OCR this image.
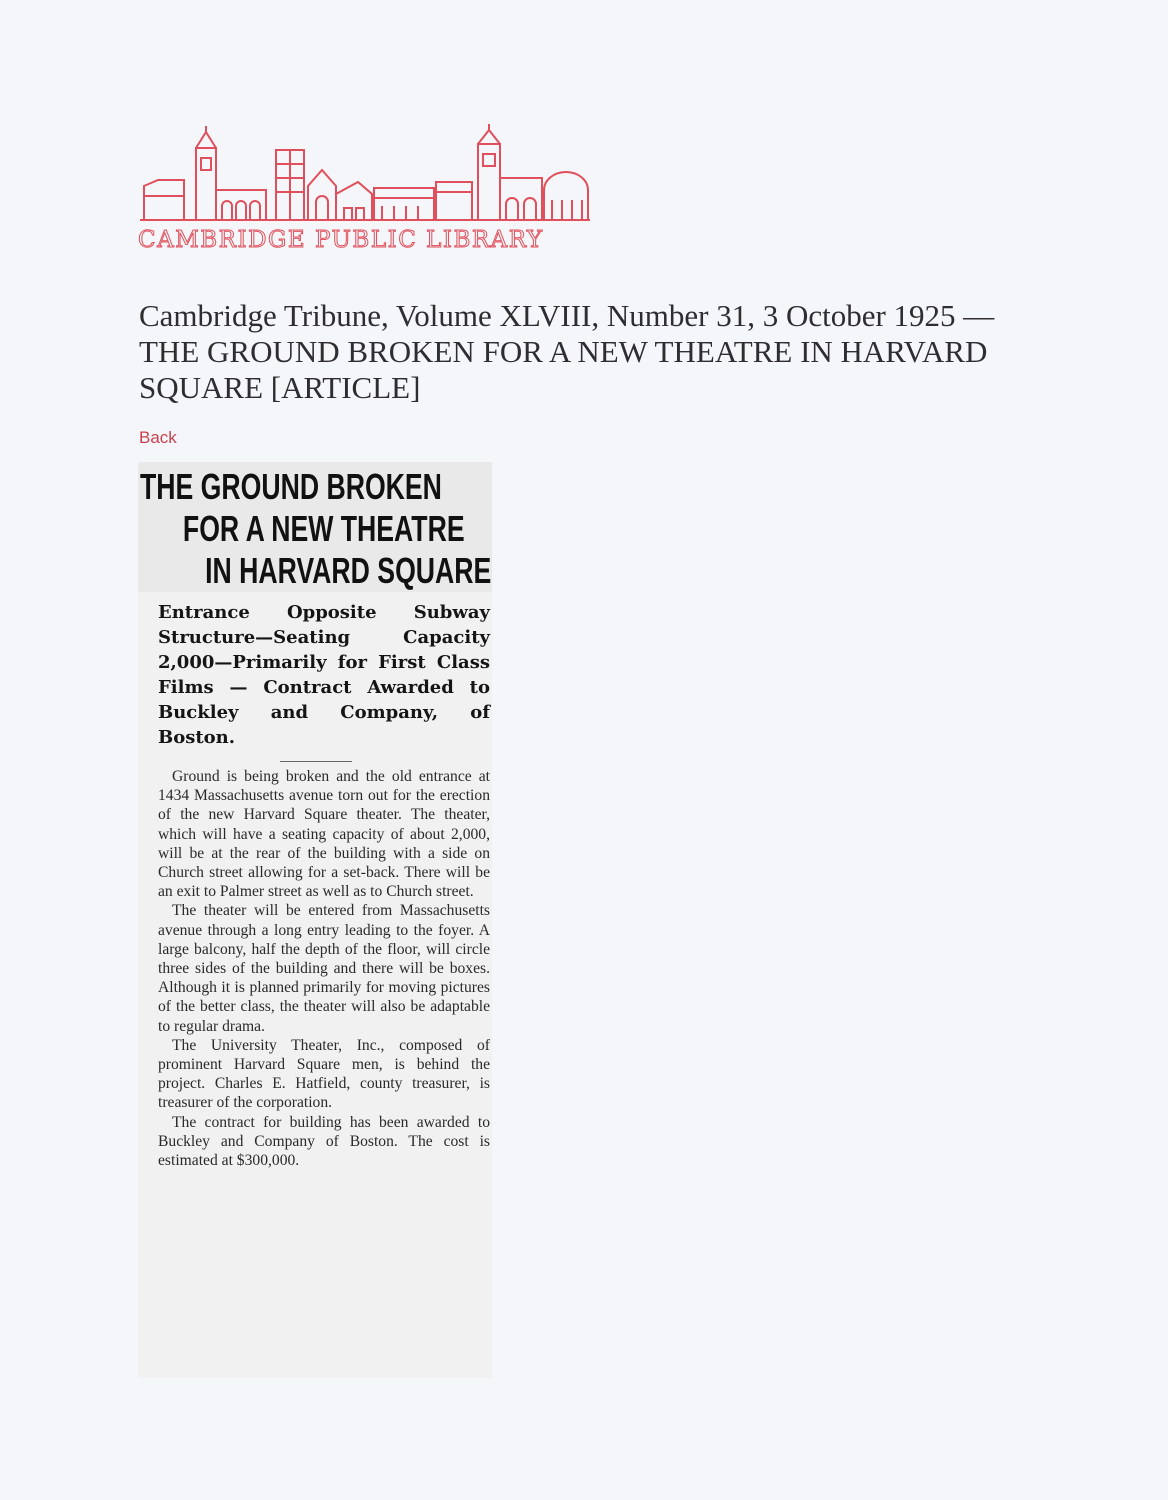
CAMBRIDGE PUBLIC LIBRARY
Cambridge Tribune, Volume XLVIII, Number 31, 3 October 1925 — THE GROUND BROKEN FOR A NEW THEATRE IN HARVARD SQUARE [ARTICLE]
Back
THE GROUND BROKEN
FOR A NEW THEATRE
IN HARVARD SQUARE

Entrance Opposite Subway Structure—Seating Capacity 2,000—Primarily for First Class Films — Contract Awarded to Buckley and Company, of Boston.

Ground is being broken and the old entrance at 1434 Massachusetts avenue torn out for the erection of the new Harvard Square theater. The theater, which will have a seating capacity of about 2,000, will be at the rear of the building with a side on Church street allowing for a set-back. There will be an exit to Palmer street as well as to Church street.

The theater will be entered from Massachusetts avenue through a long entry leading to the foyer. A large balcony, half the depth of the floor, will circle three sides of the building and there will be boxes. Although it is planned primarily for moving pictures of the better class, the theater will also be adaptable to regular drama.

The University Theater, Inc., composed of prominent Harvard Square men, is behind the project. Charles E. Hatfield, county treasurer, is treasurer of the corporation.

The contract for building has been awarded to Buckley and Company of Boston. The cost is estimated at $300,000.
